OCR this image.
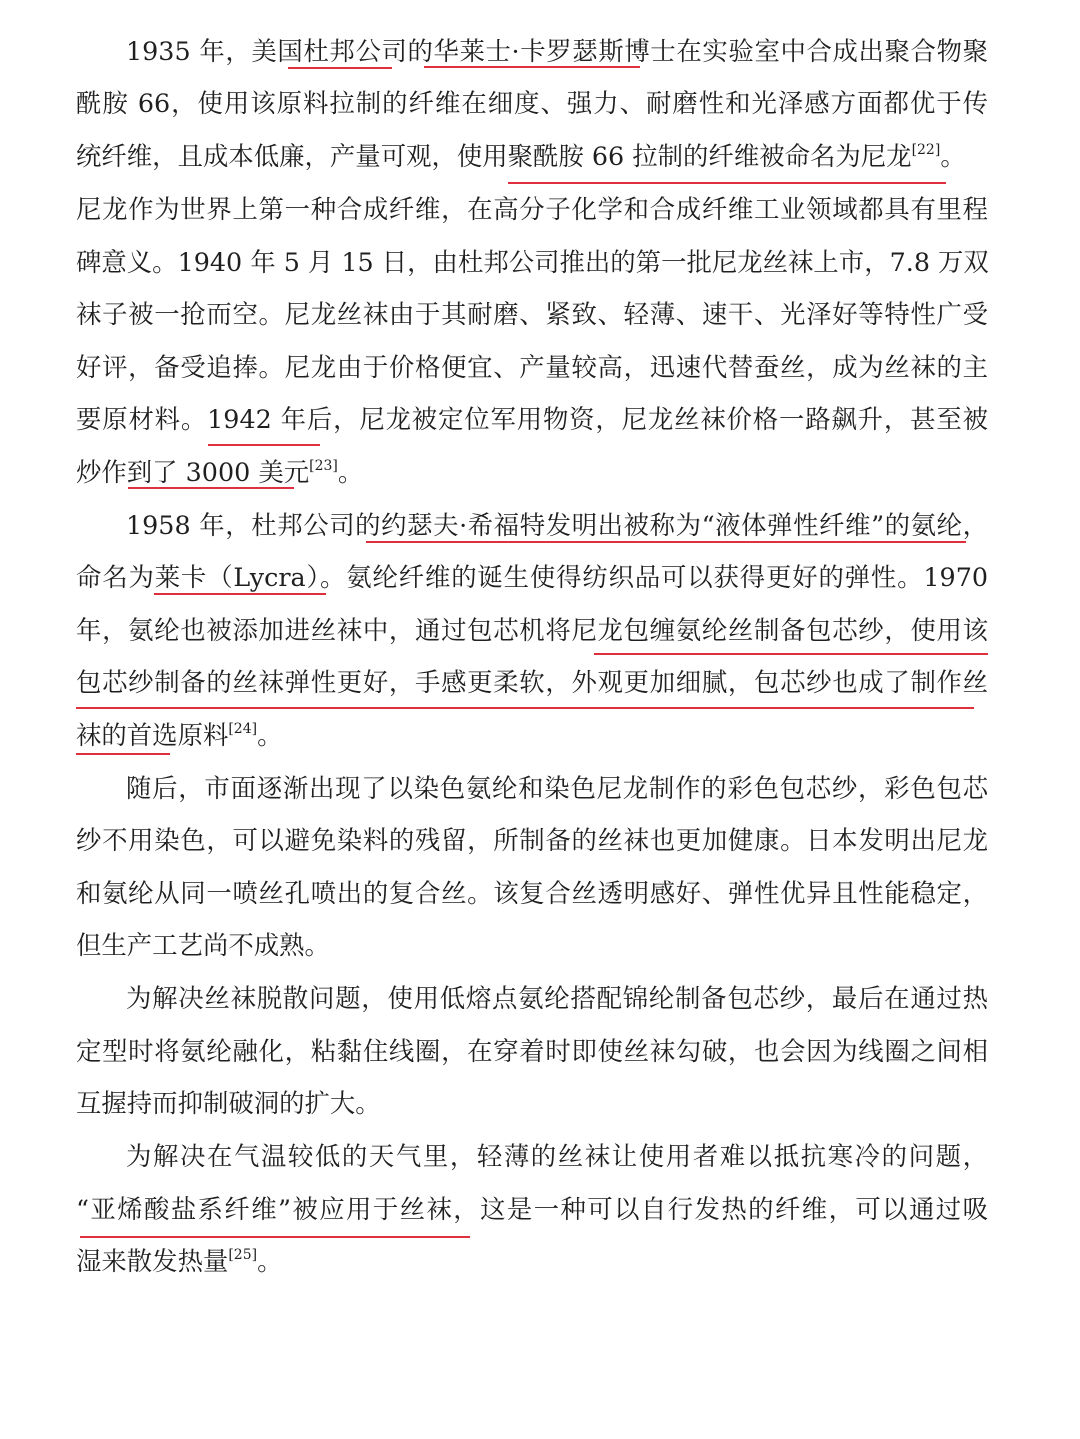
1935 年，美国杜邦公司的华莱士·卡罗瑟斯博士在实验室中合成出聚合物聚
酰胺 66，使用该原料拉制的纤维在细度、强力、耐磨性和光泽感方面都优于传
统纤维，且成本低廉，产量可观，使用聚酰胺 66 拉制的纤维被命名为尼龙[22]。
尼龙作为世界上第一种合成纤维，在高分子化学和合成纤维工业领域都具有里程
碑意义。1940 年 5 月 15 日，由杜邦公司推出的第一批尼龙丝袜上市，7.8 万双
袜子被一抢而空。尼龙丝袜由于其耐磨、紧致、轻薄、速干、光泽好等特性广受
好评，备受追捧。尼龙由于价格便宜、产量较高，迅速代替蚕丝，成为丝袜的主
要原材料。1942 年后，尼龙被定位军用物资，尼龙丝袜价格一路飙升，甚至被
炒作到了 3000 美元[23]。
1958 年，杜邦公司的约瑟夫·希福特发明出被称为“液体弹性纤维”的氨纶，
命名为莱卡（Lycra）。氨纶纤维的诞生使得纺织品可以获得更好的弹性。1970
年，氨纶也被添加进丝袜中，通过包芯机将尼龙包缠氨纶丝制备包芯纱，使用该
包芯纱制备的丝袜弹性更好，手感更柔软，外观更加细腻，包芯纱也成了制作丝
袜的首选原料[24]。
随后，市面逐渐出现了以染色氨纶和染色尼龙制作的彩色包芯纱，彩色包芯
纱不用染色，可以避免染料的残留，所制备的丝袜也更加健康。日本发明出尼龙
和氨纶从同一喷丝孔喷出的复合丝。该复合丝透明感好、弹性优异且性能稳定，
但生产工艺尚不成熟。
为解决丝袜脱散问题，使用低熔点氨纶搭配锦纶制备包芯纱，最后在通过热
定型时将氨纶融化，粘黏住线圈，在穿着时即使丝袜勾破，也会因为线圈之间相
互握持而抑制破洞的扩大。
为解决在气温较低的天气里，轻薄的丝袜让使用者难以抵抗寒冷的问题，
“亚烯酸盐系纤维”被应用于丝袜，这是一种可以自行发热的纤维，可以通过吸
湿来散发热量[25]。
